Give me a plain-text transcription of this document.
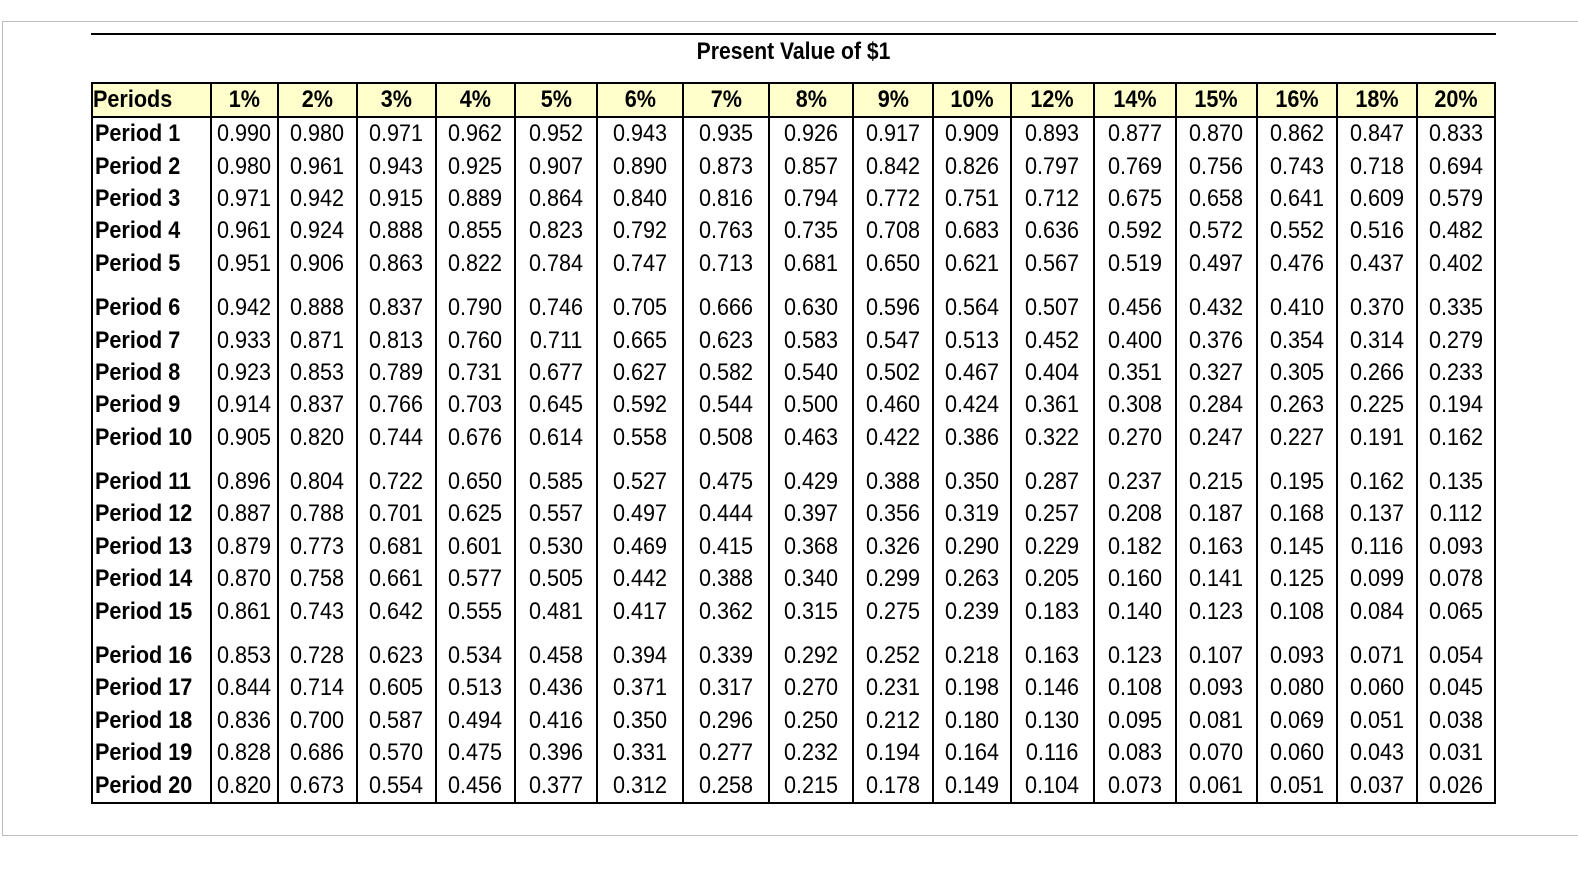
Present Value of $1
Periods	1%	2%	3%	4%	5%	6%	7%	8%	9%	10%	12%	14%	15%	16%	18%	20%
Period 1	0.990	0.980	0.971	0.962	0.952	0.943	0.935	0.926	0.917	0.909	0.893	0.877	0.870	0.862	0.847	0.833
Period 2	0.980	0.961	0.943	0.925	0.907	0.890	0.873	0.857	0.842	0.826	0.797	0.769	0.756	0.743	0.718	0.694
Period 3	0.971	0.942	0.915	0.889	0.864	0.840	0.816	0.794	0.772	0.751	0.712	0.675	0.658	0.641	0.609	0.579
Period 4	0.961	0.924	0.888	0.855	0.823	0.792	0.763	0.735	0.708	0.683	0.636	0.592	0.572	0.552	0.516	0.482
Period 5	0.951	0.906	0.863	0.822	0.784	0.747	0.713	0.681	0.650	0.621	0.567	0.519	0.497	0.476	0.437	0.402
Period 6	0.942	0.888	0.837	0.790	0.746	0.705	0.666	0.630	0.596	0.564	0.507	0.456	0.432	0.410	0.370	0.335
Period 7	0.933	0.871	0.813	0.760	0.711	0.665	0.623	0.583	0.547	0.513	0.452	0.400	0.376	0.354	0.314	0.279
Period 8	0.923	0.853	0.789	0.731	0.677	0.627	0.582	0.540	0.502	0.467	0.404	0.351	0.327	0.305	0.266	0.233
Period 9	0.914	0.837	0.766	0.703	0.645	0.592	0.544	0.500	0.460	0.424	0.361	0.308	0.284	0.263	0.225	0.194
Period 10	0.905	0.820	0.744	0.676	0.614	0.558	0.508	0.463	0.422	0.386	0.322	0.270	0.247	0.227	0.191	0.162
Period 11	0.896	0.804	0.722	0.650	0.585	0.527	0.475	0.429	0.388	0.350	0.287	0.237	0.215	0.195	0.162	0.135
Period 12	0.887	0.788	0.701	0.625	0.557	0.497	0.444	0.397	0.356	0.319	0.257	0.208	0.187	0.168	0.137	0.112
Period 13	0.879	0.773	0.681	0.601	0.530	0.469	0.415	0.368	0.326	0.290	0.229	0.182	0.163	0.145	0.116	0.093
Period 14	0.870	0.758	0.661	0.577	0.505	0.442	0.388	0.340	0.299	0.263	0.205	0.160	0.141	0.125	0.099	0.078
Period 15	0.861	0.743	0.642	0.555	0.481	0.417	0.362	0.315	0.275	0.239	0.183	0.140	0.123	0.108	0.084	0.065
Period 16	0.853	0.728	0.623	0.534	0.458	0.394	0.339	0.292	0.252	0.218	0.163	0.123	0.107	0.093	0.071	0.054
Period 17	0.844	0.714	0.605	0.513	0.436	0.371	0.317	0.270	0.231	0.198	0.146	0.108	0.093	0.080	0.060	0.045
Period 18	0.836	0.700	0.587	0.494	0.416	0.350	0.296	0.250	0.212	0.180	0.130	0.095	0.081	0.069	0.051	0.038
Period 19	0.828	0.686	0.570	0.475	0.396	0.331	0.277	0.232	0.194	0.164	0.116	0.083	0.070	0.060	0.043	0.031
Period 20	0.820	0.673	0.554	0.456	0.377	0.312	0.258	0.215	0.178	0.149	0.104	0.073	0.061	0.051	0.037	0.026
